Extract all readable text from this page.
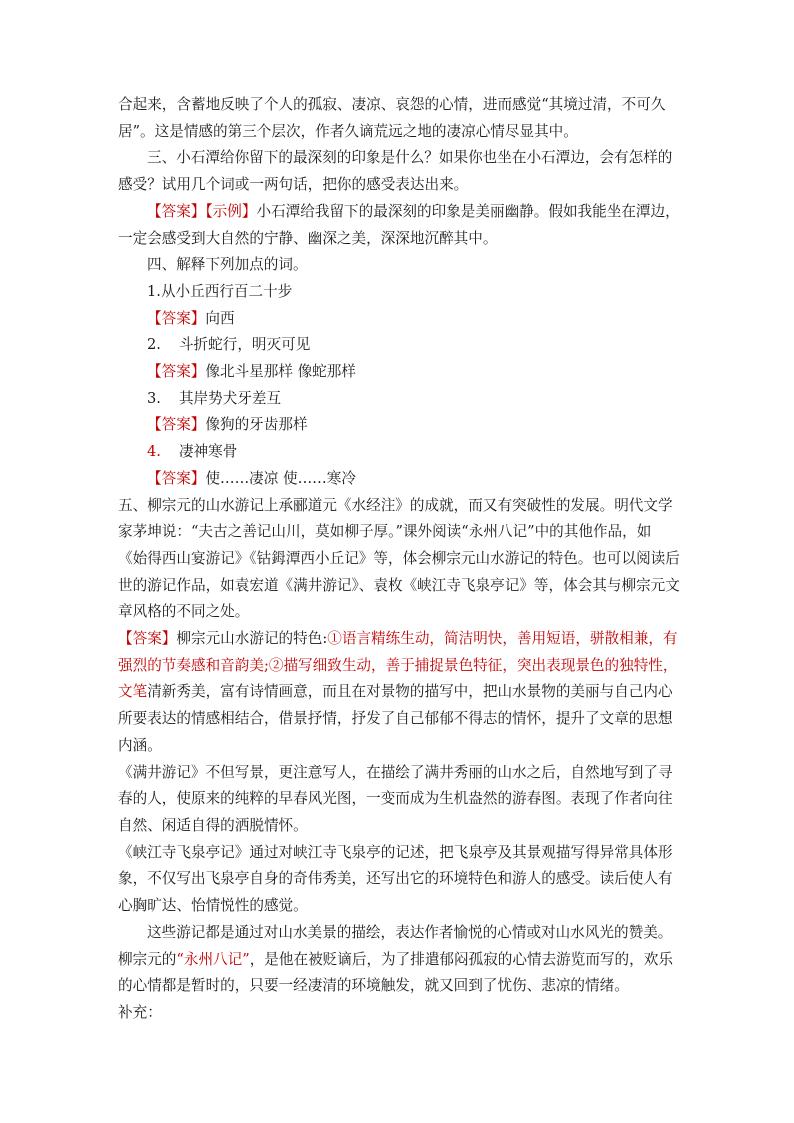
合起来，含蓄地反映了个人的孤寂、凄凉、哀怨的心情，进而感觉“其境过清，不可久居”。这是情感的第三个层次，作者久谪荒远之地的凄凉心情尽显其中。

三、小石潭给你留下的最深刻的印象是什么？如果你也坐在小石潭边，会有怎样的感受？试用几个词或一两句话，把你的感受表达出来。

【答案】【示例】小石潭给我留下的最深刻的印象是美丽幽静。假如我能坐在潭边，一定会感受到大自然的宁静、幽深之美，深深地沉醉其中。

四、解释下列加点的词。

1.从小丘西行百二十步

【答案】向西

2. 斗折蛇行，明灭可见

【答案】像北斗星那样 像蛇那样

3. 其岸势犬牙差互

【答案】像狗的牙齿那样

4. 凄神寒骨

【答案】使……凄凉 使……寒冷

五、柳宗元的山水游记上承郦道元《水经注》的成就，而又有突破性的发展。明代文学家茅坤说：“夫古之善记山川，莫如柳子厚。”课外阅读“永州八记”中的其他作品，如《始得西山宴游记》《钴鉧潭西小丘记》等，体会柳宗元山水游记的特色。也可以阅读后世的游记作品，如袁宏道《满井游记》、袁枚《峡江寺飞泉亭记》等，体会其与柳宗元文章风格的不同之处。

【答案】柳宗元山水游记的特色:①语言精练生动，简洁明快，善用短语，骈散相兼，有强烈的节奏感和音韵美;②描写细致生动，善于捕捉景色特征，突出表现景色的独特性，文笔清新秀美，富有诗情画意，而且在对景物的描写中，把山水景物的美丽与自己内心所要表达的情感相结合，借景抒情，抒发了自己郁郁不得志的情怀，提升了文章的思想内涵。

《满井游记》不但写景，更注意写人，在描绘了满井秀丽的山水之后，自然地写到了寻春的人，使原来的纯粹的早春风光图，一变而成为生机盎然的游春图。表现了作者向往自然、闲适自得的洒脱情怀。

《峡江寺飞泉亭记》通过对峡江寺飞泉亭的记述，把飞泉亭及其景观描写得异常具体形象，不仅写出飞泉亭自身的奇伟秀美，还写出它的环境特色和游人的感受。读后使人有心胸旷达、怡情悦性的感觉。

这些游记都是通过对山水美景的描绘，表达作者愉悦的心情或对山水风光的赞美。柳宗元的“永州八记”，是他在被贬谪后，为了排遣郁闷孤寂的心情去游览而写的，欢乐的心情都是暂时的，只要一经凄清的环境触发，就又回到了忧伤、悲凉的情绪。

补充：
